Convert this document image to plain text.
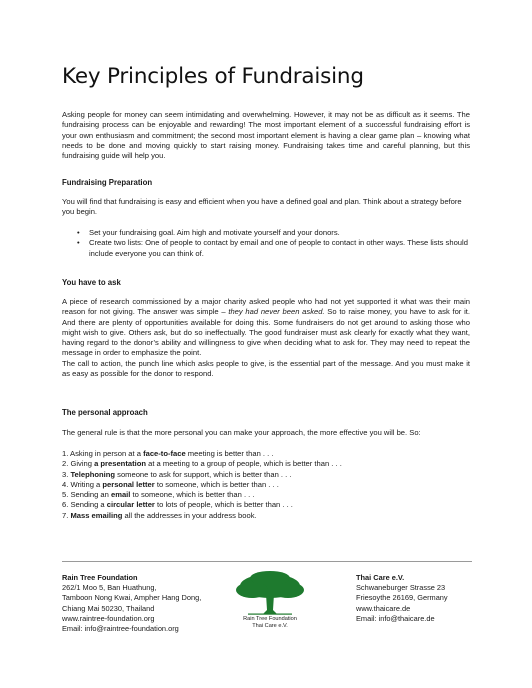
Key Principles of Fundraising

Asking people for money can seem intimidating and overwhelming. However, it may not be as difficult as it seems. The fundraising process can be enjoyable and rewarding! The most important element of a successful fundraising effort is your own enthusiasm and commitment; the second most important element is having a clear game plan – knowing what needs to be done and moving quickly to start raising money. Fundraising takes time and careful planning, but this fundraising guide will help you.

Fundraising Preparation

You will find that fundraising is easy and efficient when you have a defined goal and plan. Think about a strategy before you begin.

• Set your fundraising goal. Aim high and motivate yourself and your donors.
• Create two lists: One of people to contact by email and one of people to contact in other ways. These lists should include everyone you can think of.
You have to ask

A piece of research commissioned by a major charity asked people who had not yet supported it what was their main reason for not giving. The answer was simple – they had never been asked. So to raise money, you have to ask for it. And there are plenty of opportunities available for doing this. Some fundraisers do not get around to asking those who might wish to give. Others ask, but do so ineffectually. The good fundraiser must ask clearly for exactly what they want, having regard to the donor’s ability and willingness to give when deciding what to ask for. They may need to repeat the message in order to emphasize the point.

The call to action, the punch line which asks people to give, is the essential part of the message. And you must make it as easy as possible for the donor to respond.

The personal approach

The general rule is that the more personal you can make your approach, the more effective you will be. So:

1. Asking in person at a face-to-face meeting is better than . . .
2. Giving a presentation at a meeting to a group of people, which is better than . . .
3. Telephoning someone to ask for support, which is better than . . .
4. Writing a personal letter to someone, which is better than . . .
5. Sending an email to someone, which is better than . . .
6. Sending a circular letter to lots of people, which is better than . . .
7. Mass emailing all the addresses in your address book.
Rain Tree Foundation
262/1 Moo 5, Ban Huathung,
Tamboon Nong Kwai, Ampher Hang Dong,
Chiang Mai 50230, Thailand
www.raintree-foundation.org
Email: info@raintree-foundation.org
Rain Tree Foundation
Thai Care e.V.
Thai Care e.V.
Schwaneburger Strasse 23
Friesoythe 26169, Germany
www.thaicare.de
Email: info@thaicare.de
